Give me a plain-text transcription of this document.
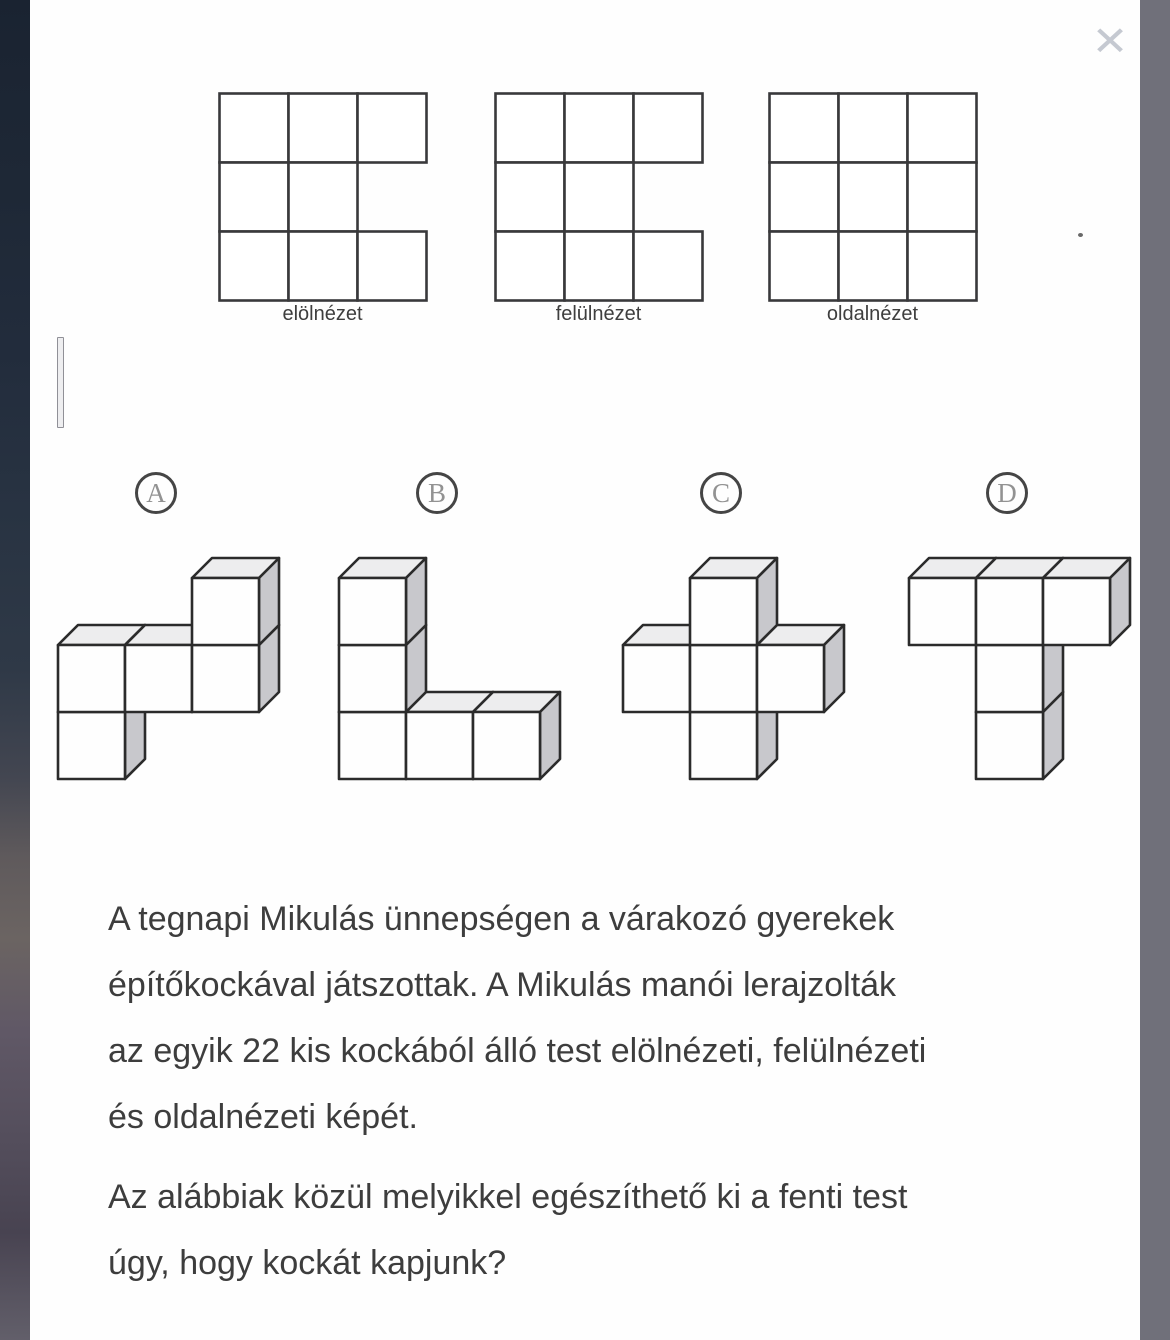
✕
elölnézet	felülnézet	oldalnézet
A	B	C	D
A tegnapi Mikulás ünnepségen a várakozó gyerekek
építőkockával játszottak. A Mikulás manói lerajzolták
az egyik 22 kis kockából álló test elölnézeti, felülnézeti
és oldalnézeti képét.
Az alábbiak közül melyikkel egészíthető ki a fenti test
úgy, hogy kockát kapjunk?
